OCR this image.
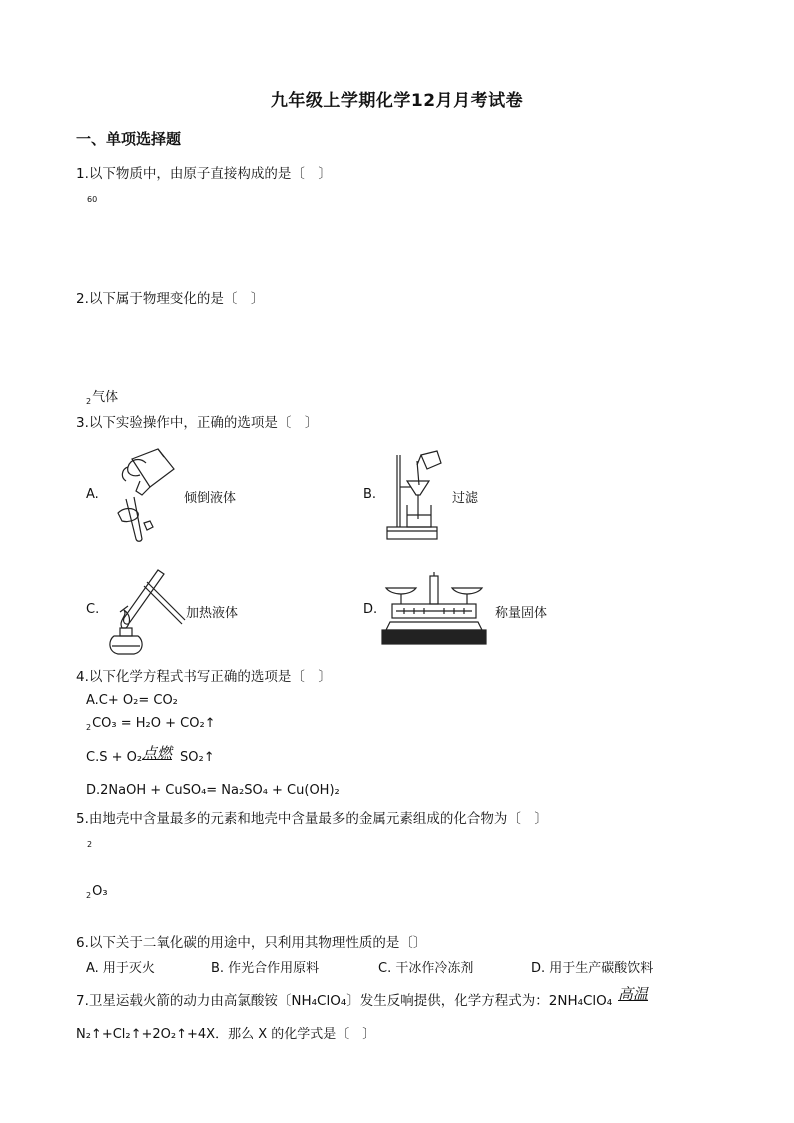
九年级上学期化学12月月考试卷
一、单项选择题
1.以下物质中，由原子直接构成的是〔　〕
60
2.以下属于物理变化的是〔　〕
$_2$气体
3.以下实验操作中，正确的选项是〔　〕
A.	倾倒液体	B.	过滤
C.	加热液体	D.	称量固体
4.以下化学方程式书写正确的选项是〔　〕
A.C+ O₂= CO₂
$_2$CO₃ = H₂O + CO₂↑
C.S + O₂ 点燃 SO₂↑
D.2NaOH + CuSO₄= Na₂SO₄ + Cu(OH)₂
5.由地壳中含量最多的元素和地壳中含量最多的金属元素组成的化合物为〔　〕
2
$_2$O₃
6.以下关于二氧化碳的用途中，只利用其物理性质的是〔〕
A. 用于灭火	B. 作光合作用原料	C. 干冰作冷冻剂	D. 用于生产碳酸饮料
7.卫星运载火箭的动力由高氯酸铵〔NH₄ClO₄〕发生反响提供，化学方程式为：2NH₄ClO₄ 高温
N₂↑+Cl₂↑+2O₂↑+4X．那么 X 的化学式是〔　〕
